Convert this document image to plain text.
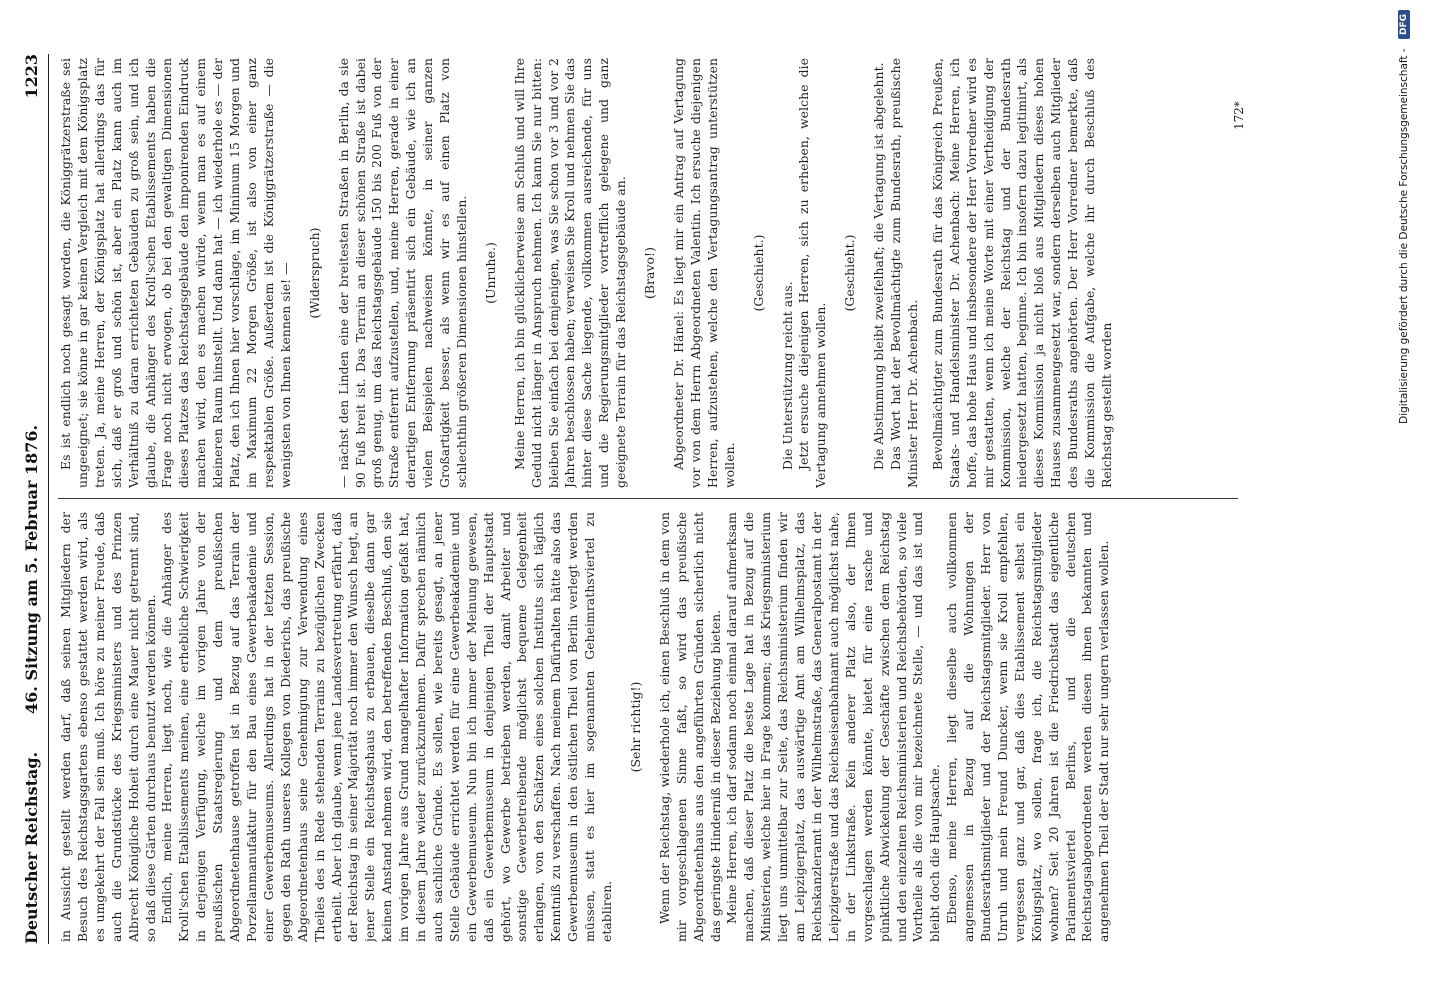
Deutscher Reichstag.
46. Sitzung am 5. Februar 1876.
1223

in Aussicht gestellt werden darf, daß seinen Mitgliedern der Besuch des Reichstagsgartens ebenso gestattet werden wird, als es umgekehrt der Fall sein muß. Ich höre zu meiner Freude, daß auch die Grundstücke des Kriegsministers und des Prinzen Albrecht Königliche Hoheit durch eine Mauer nicht getrennt sind, so daß diese Gärten durchaus benutzt werden können. Endlich, meine Herren, liegt noch, wie die Anhänger des Kroll'schen Etablissements meinen, eine erhebliche Schwierigkeit in derjenigen Verfügung, welche im vorigen Jahre von der preußischen Staatsregierung und dem preußischen Abgeordnetenhause getroffen ist in Bezug auf das Terrain der Porzellanmanufaktur für den Bau eines Gewerbeakademie und einer Gewerbemuseums. Allerdings hat in der letzten Session, gegen den Rath unseres Kollegen von Diederichs, das preußische Abgeordnetenhaus seine Genehmigung zur Verwendung eines Theiles des in Rede stehenden Terrains zu bezüglichen Zwecken ertheilt. Aber ich glaube, wenn jene Landesvertretung erfährt, daß der Reichstag in seiner Majorität noch immer den Wunsch hegt, an jener Stelle ein Reichstagshaus zu erbauen, dieselbe dann gar keinen Anstand nehmen wird, den betreffenden Beschluß, den sie im vorigen Jahre aus Grund mangelhafter Information gefaßt hat, in diesem Jahre wieder zurückzunehmen. Dafür sprechen nämlich auch sachliche Gründe. Es sollen, wie bereits gesagt, an jener Stelle Gebäude errichtet werden für eine Gewerbeakademie und ein Gewerbemuseum. Nun bin ich immer der Meinung gewesen, daß ein Gewerbemuseum in denjenigen Theil der Hauptstadt gehört, wo Gewerbe betrieben werden, damit Arbeiter und sonstige Gewerbetreibende möglichst bequeme Gelegenheit erlangen, von den Schätzen eines solchen Instituts sich täglich Kenntniß zu verschaffen. Nach meinem Dafürhalten hätte also das Gewerbemuseum in den östlichen Theil von Berlin verlegt werden müssen, statt es hier im sogenannten Geheimrathsviertel zu etabliren.

(Sehr richtig!) Wenn der Reichstag, wiederhole ich, einen Beschluß in dem von mir vorgeschlagenen Sinne faßt, so wird das preußische Abgeordnetenhaus aus den angeführten Gründen sicherlich nicht das geringste Hinderniß in dieser Beziehung bieten. Meine Herren, ich darf sodann noch einmal darauf aufmerksam machen, daß dieser Platz die beste Lage hat in Bezug auf die Ministerien, welche hier in Frage kommen; das Kriegsministerium liegt uns unmittelbar zur Seite, das Reichsministerium finden wir am Leipzigerplatz, das auswärtige Amt am Wilhelmsplatz, das Reichskanzleramt in der Wilhelmstraße, das Generalpostamt in der Leipzigerstraße und das Reichseisenbahnamt auch möglichst nahe, in der Linkstraße. Kein anderer Platz also, der Ihnen vorgeschlagen werden könnte, bietet für eine rasche und pünktliche Abwickelung der Geschäfte zwischen dem Reichstag und den einzelnen Reichsministerien und Reichsbehörden, so viele Vortheile als die von mir bezeichnete Stelle, — und das ist und bleibt doch die Hauptsache. Ebenso, meine Herren, liegt dieselbe auch vollkommen angemessen in Bezug auf die Wohnungen der Bundesrathsmitglieder und der Reichstagsmitglieder. Herr von Unruh und mein Freund Duncker, wenn sie Kroll empfehlen, vergessen ganz und gar, daß dies Etablissement selbst ein Königsplatz, wo sollen, frage ich, die Reichstagsmitglieder wohnen? Seit 20 Jahren ist die Friedrichstadt das eigentliche Parlamentsviertel Berlins, und die deutschen Reichstagsabgeordneten werden diesen ihnen bekannten und angenehmen Theil der Stadt nur sehr ungern verlassen wollen.

Es ist endlich noch gesagt worden, die Königgrätzerstraße sei ungeeignet; sie könne in gar keinen Vergleich mit dem Königsplatz treten. Ja, meine Herren, der Königsplatz hat allerdings das für sich, daß er groß und schön ist, aber ein Platz kann auch im Verhältniß zu daran errichteten Gebäuden zu groß sein, und ich glaube, die Anhänger des Kroll'schen Etablissements haben die Frage noch nicht erwogen, ob bei den gewaltigen Dimensionen dieses Platzes das Reichstagsgebäude den imponirenden Eindruck machen wird, den es machen würde, wenn man es auf einem kleineren Raum hinstellt. Und dann hat — ich wiederhole es — der Platz, den ich Ihnen hier vorschlage, im Minimum 15 Morgen und im Maximum 22 Morgen Größe, ist also von einer ganz respektablen Größe. Außerdem ist die Königgrätzerstraße — die wenigsten von Ihnen kennen sie! — (Widerspruch) — nächst den Linden eine der breitesten Straßen in Berlin, da sie 90 Fuß breit ist. Das Terrain an dieser schönen Straße ist dabei groß genug, um das Reichstagsgebäude 150 bis 200 Fuß von der Straße entfernt aufzustellen, und, meine Herren, gerade in einer derartigen Entfernung präsentirt sich ein Gebäude, wie ich an vielen Beispielen nachweisen könnte, in seiner ganzen Großartigkeit besser, als wenn wir es auf einen Platz von schlechthin größeren Dimensionen hinstellen. (Unruhe.) Meine Herren, ich bin glücklicherweise am Schluß und will Ihre Geduld nicht länger in Anspruch nehmen. Ich kann Sie nur bitten: bleiben Sie einfach bei demjenigen, was Sie schon vor 3 und vor 2 Jahren beschlossen haben; verweisen Sie Kroll und nehmen Sie das hinter diese Sache liegende, vollkommen ausreichende, für uns und die Regierungsmitglieder vortrefflich gelegene und ganz geeignete Terrain für das Reichstagsgebäude an. (Bravo!) Abgeordneter Dr. Hänel: Es liegt mir ein Antrag auf Vertagung vor von dem Herrn Abgeordneten Valentin. Ich ersuche diejenigen Herren, aufzustehen, welche den Vertagungsantrag unterstützen wollen.

(Geschieht.)

Die Unterstützung reicht aus. Jetzt ersuche diejenigen Herren, sich zu erheben, welche die Vertagung annehmen wollen.

(Geschieht.) Die Abstimmung bleibt zweifelhaft; die Vertagung ist abgelehnt. Das Wort hat der Bevollmächtigte zum Bundesrath, preußische Minister Herr Dr. Achenbach. Bevollmächtigter zum Bundesrath für das Königreich Preußen, Staats- und Handelsminister Dr. Achenbach: Meine Herren, ich hoffe, das hohe Haus und insbesondere der Herr Vorredner wird es mir gestatten, wenn ich meine Worte mit einer Vertheidigung der Kommission, welche der Reichstag und der Bundesrath niedergesetzt hatten, beginne. Ich bin insofern dazu legitimirt, als dieses Kommission ja nicht bloß aus Mitgliedern dieses hohen Hauses zusammengesetzt war, sondern derselben auch Mitglieder des Bundesraths angehörten. Der Herr Vorredner bemerkte, daß die Kommission die Aufgabe, welche ihr durch Beschluß des Reichstag gestellt worden

172*	Digitalisierung gefördert durch die Deutsche Forschungsgemeinschaft - DFG
